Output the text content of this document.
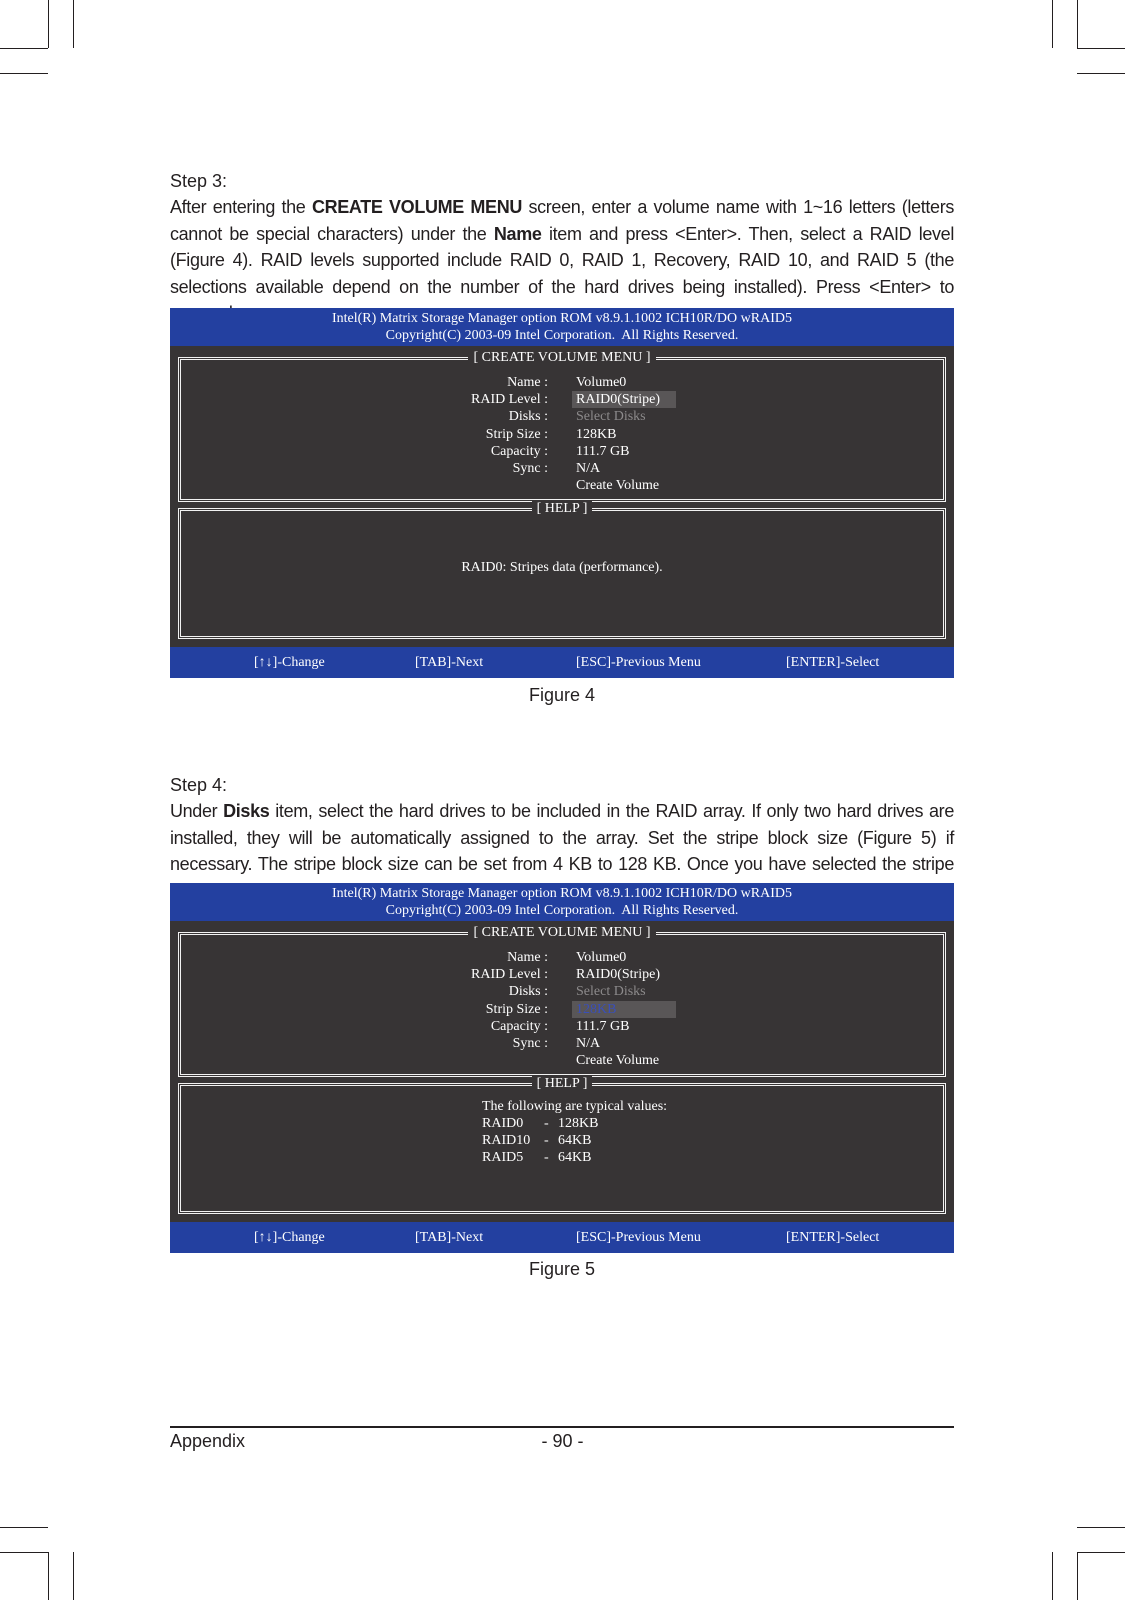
Step 3:

After entering the CREATE VOLUME MENU screen, enter a volume name with 1~16 letters (letters cannot be special characters) under the Name item and press <Enter>. Then, select a RAID level (Figure 4). RAID levels supported include RAID 0, RAID 1, Recovery, RAID 10, and RAID 5 (the selections available depend on the number of the hard drives being installed). Press <Enter> to

Intel(R) Matrix Storage Manager option ROM v8.9.1.1002 ICH10R/DO wRAID5
Copyright(C) 2003-09 Intel Corporation.  All Rights Reserved.
[ CREATE VOLUME MENU ]
Name : Volume0
RAID Level : RAID0(Stripe)
Disks : Select Disks
Strip Size : 128KB
Capacity : 111.7 GB
Sync : N/A
Create Volume
[ HELP ]
RAID0: Stripes data (performance).
[↑↓]-Change	[TAB]-Next	[ESC]-Previous Menu	[ENTER]-Select
Figure 4

Step 4:

Under Disks item, select the hard drives to be included in the RAID array. If only two hard drives are installed, they will be automatically assigned to the array. Set the stripe block size (Figure 5) if necessary. The stripe block size can be set from 4 KB to 128 KB. Once you have selected the stripe

Intel(R) Matrix Storage Manager option ROM v8.9.1.1002 ICH10R/DO wRAID5
Copyright(C) 2003-09 Intel Corporation.  All Rights Reserved.
[ CREATE VOLUME MENU ]
Name : Volume0
RAID Level : RAID0(Stripe)
Disks : Select Disks
Strip Size : 128KB
Capacity : 111.7 GB
Sync : N/A
Create Volume
[ HELP ]
The following are typical values:
RAID0 - 128KB
RAID10 - 64KB
RAID5 - 64KB
[↑↓]-Change	[TAB]-Next	[ESC]-Previous Menu	[ENTER]-Select
Figure 5
Appendix	- 90 -
